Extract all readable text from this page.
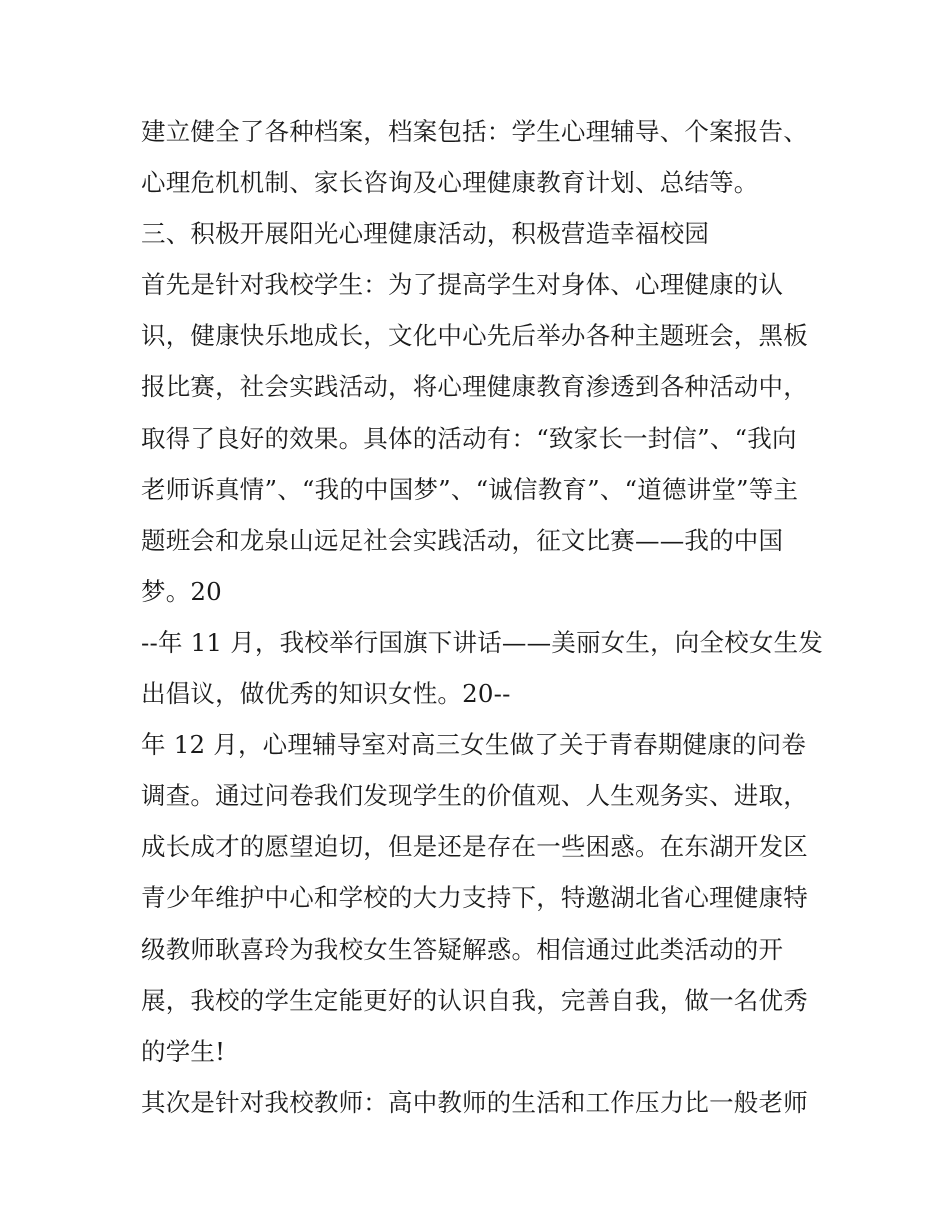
建立健全了各种档案，档案包括：学生心理辅导、个案报告、
心理危机机制、家长咨询及心理健康教育计划、总结等。
三、积极开展阳光心理健康活动，积极营造幸福校园
首先是针对我校学生：为了提高学生对身体、心理健康的认
识，健康快乐地成长，文化中心先后举办各种主题班会，黑板
报比赛，社会实践活动，将心理健康教育渗透到各种活动中，
取得了良好的效果。具体的活动有：“致家长一封信”、“我向
老师诉真情”、“我的中国梦”、“诚信教育”、“道德讲堂”等主
题班会和龙泉山远足社会实践活动，征文比赛——我的中国
梦。20
--年 11 月，我校举行国旗下讲话——美丽女生，向全校女生发
出倡议，做优秀的知识女性。20--
年 12 月，心理辅导室对高三女生做了关于青春期健康的问卷
调查。通过问卷我们发现学生的价值观、人生观务实、进取，
成长成才的愿望迫切，但是还是存在一些困惑。在东湖开发区
青少年维护中心和学校的大力支持下，特邀湖北省心理健康特
级教师耿喜玲为我校女生答疑解惑。相信通过此类活动的开
展，我校的学生定能更好的认识自我，完善自我，做一名优秀
的学生!
其次是针对我校教师：高中教师的生活和工作压力比一般老师
